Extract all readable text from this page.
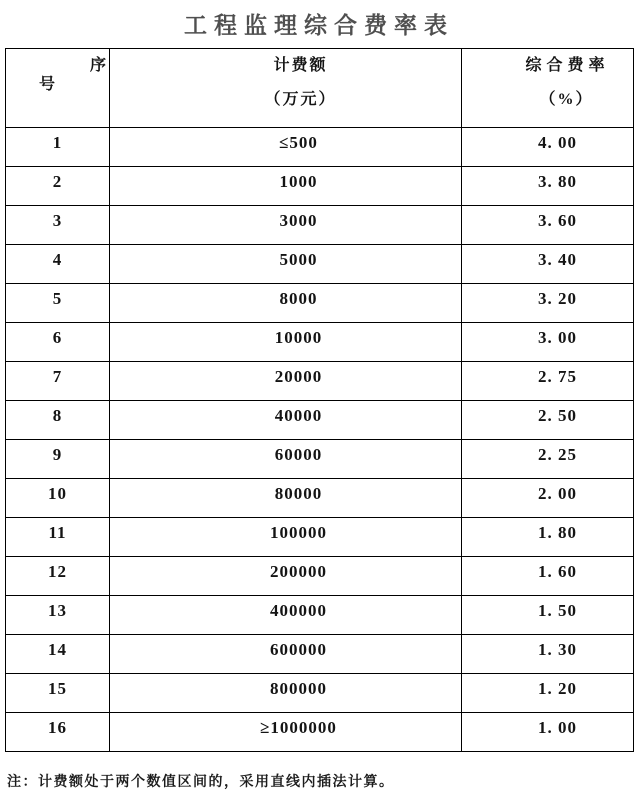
工程监理综合费率表
序
号

计费额
（万元）

综合费率
（%）

1	≤500	4. 00
2	1000	3. 80
3	3000	3. 60
4	5000	3. 40
5	8000	3. 20
6	10000	3. 00
7	20000	2. 75
8	40000	2. 50
9	60000	2. 25
10	80000	2. 00
11	100000	1. 80
12	200000	1. 60
13	400000	1. 50
14	600000	1. 30
15	800000	1. 20
16	≥1000000	1. 00
注：计费额处于两个数值区间的，采用直线内插法计算。
